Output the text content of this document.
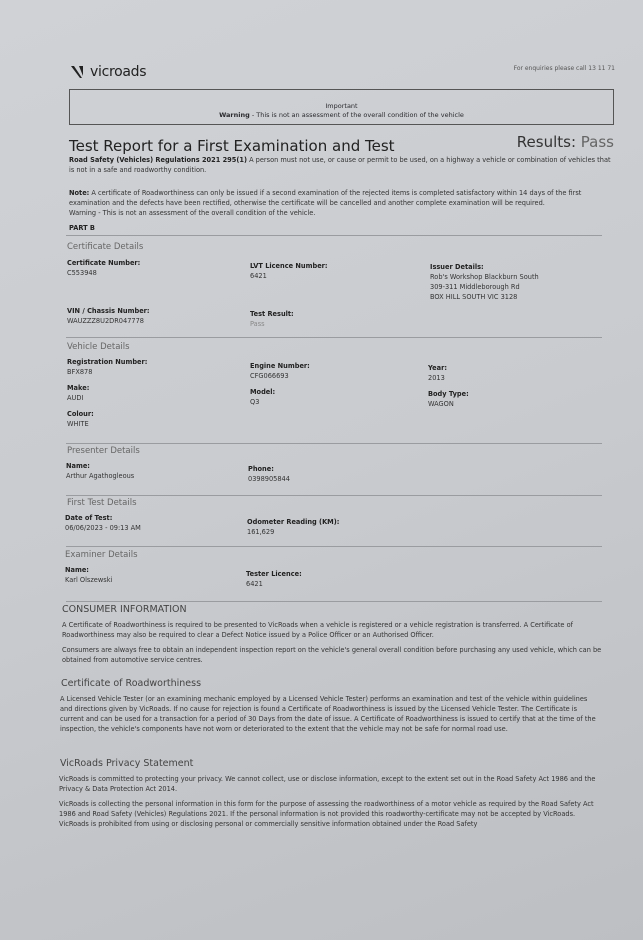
vicroads	For enquiries please call 13 11 71
Important
Warning - This is not an assessment of the overall condition of the vehicle
Test Report for a First Examination and Test	Results: Pass
Road Safety (Vehicles) Regulations 2021 295(1) A person must not use, or cause or permit to be used, on a highway a vehicle or combination of vehicles that is not in a safe and roadworthy condition.
Note: A certificate of Roadworthiness can only be issued if a second examination of the rejected items is completed satisfactory within 14 days of the first examination and the defects have been rectified, otherwise the certificate will be cancelled and another complete examination will be required.
Warning - This is not an assessment of the overall condition of the vehicle.
PART B
Certificate Details
Certificate Number:
C553948
LVT Licence Number:
6421
Issuer Details:
Rob's Workshop Blackburn South
309-311 Middleborough Rd
BOX HILL SOUTH VIC 3128
VIN / Chassis Number:
WAUZZZ8U2DR047778
Test Result:
Pass
Vehicle Details
Registration Number:
BFX878
Engine Number:
CFG066693
Year:
2013
Make:
AUDI
Model:
Q3
Body Type:
WAGON
Colour:
WHITE
Presenter Details
Name:
Arthur Agathogleous
Phone:
0398905844
First Test Details
Date of Test:
06/06/2023 - 09:13 AM
Odometer Reading (KM):
161,629
Examiner Details
Name:
Karl Olszewski
Tester Licence:
6421
CONSUMER INFORMATION
A Certificate of Roadworthiness is required to be presented to VicRoads when a vehicle is registered or a vehicle registration is transferred. A Certificate of Roadworthiness may also be required to clear a Defect Notice issued by a Police Officer or an Authorised Officer.
Consumers are always free to obtain an independent inspection report on the vehicle's general overall condition before purchasing any used vehicle, which can be obtained from automotive service centres.
Certificate of Roadworthiness
A Licensed Vehicle Tester (or an examining mechanic employed by a Licensed Vehicle Tester) performs an examination and test of the vehicle within guidelines and directions given by VicRoads. If no cause for rejection is found a Certificate of Roadworthiness is issued by the Licensed Vehicle Tester. The Certificate is current and can be used for a transaction for a period of 30 Days from the date of issue. A Certificate of Roadworthiness is issued to certify that at the time of the inspection, the vehicle's components have not worn or deteriorated to the extent that the vehicle may not be safe for normal road use.
VicRoads Privacy Statement
VicRoads is committed to protecting your privacy. We cannot collect, use or disclose information, except to the extent set out in the Road Safety Act 1986 and the Privacy & Data Protection Act 2014.
VicRoads is collecting the personal information in this form for the purpose of assessing the roadworthiness of a motor vehicle as required by the Road Safety Act 1986 and Road Safety (Vehicles) Regulations 2021. If the personal information is not provided this roadworthy-certificate may not be accepted by VicRoads. VicRoads is prohibited from using or disclosing personal or commercially sensitive information obtained under the Road Safety
